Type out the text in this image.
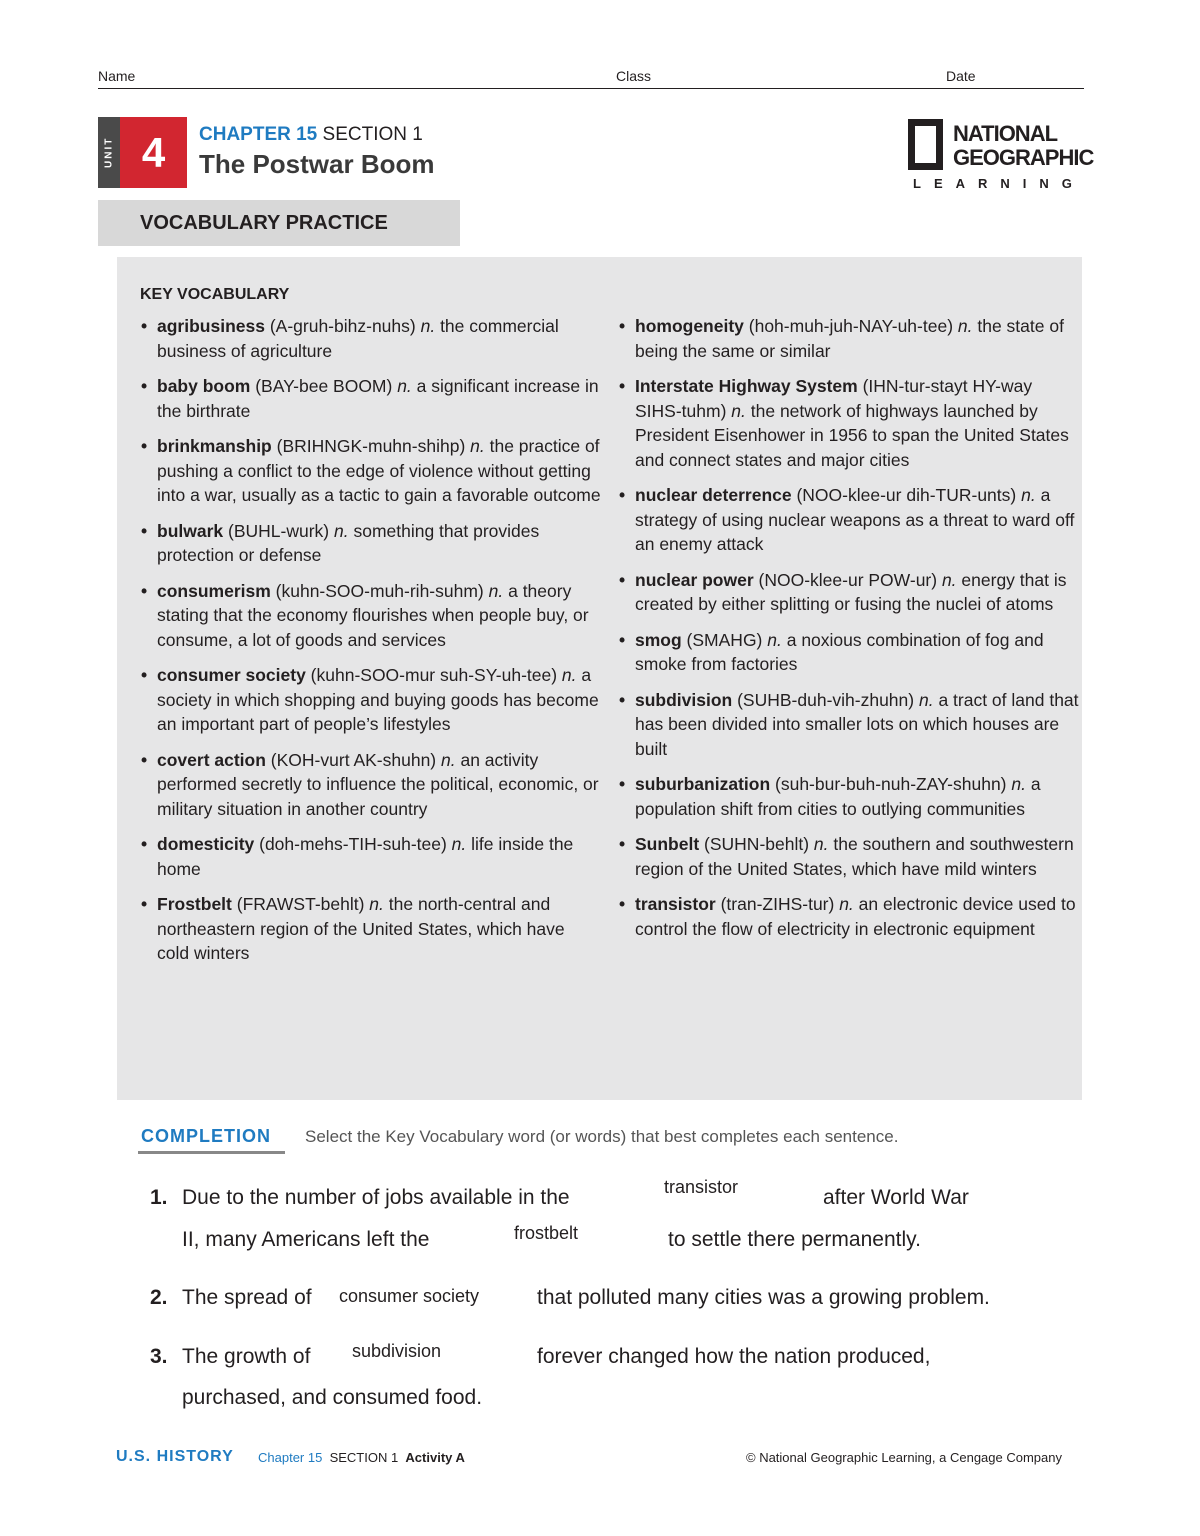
Name	Class	Date
UNIT 4	CHAPTER 15 SECTION 1
The Postwar Boom
NATIONAL
GEOGRAPHIC
LEARNING
VOCABULARY PRACTICE
KEY VOCABULARY
• agribusiness (A-gruh-bihz-nuhs) n. the commercial business of agriculture
• baby boom (BAY-bee BOOM) n. a significant increase in the birthrate
• brinkmanship (BRIHNGK-muhn-shihp) n. the practice of pushing a conflict to the edge of violence without getting into a war, usually as a tactic to gain a favorable outcome
• bulwark (BUHL-wurk) n. something that provides protection or defense
• consumerism (kuhn-SOO-muh-rih-suhm) n. a theory stating that the economy flourishes when people buy, or consume, a lot of goods and services
• consumer society (kuhn-SOO-mur suh-SY-uh-tee) n. a society in which shopping and buying goods has become an important part of people’s lifestyles
• covert action (KOH-vurt AK-shuhn) n. an activity performed secretly to influence the political, economic, or military situation in another country
• domesticity (doh-mehs-TIH-suh-tee) n. life inside the home
• Frostbelt (FRAWST-behlt) n. the north-central and northeastern region of the United States, which have cold winters
• homogeneity (hoh-muh-juh-NAY-uh-tee) n. the state of being the same or similar
• Interstate Highway System (IHN-tur-stayt HY-way SIHS-tuhm) n. the network of highways launched by President Eisenhower in 1956 to span the United States and connect states and major cities
• nuclear deterrence (NOO-klee-ur dih-TUR-unts) n. a strategy of using nuclear weapons as a threat to ward off an enemy attack
• nuclear power (NOO-klee-ur POW-ur) n. energy that is created by either splitting or fusing the nuclei of atoms
• smog (SMAHG) n. a noxious combination of fog and smoke from factories
• subdivision (SUHB-duh-vih-zhuhn) n. a tract of land that has been divided into smaller lots on which houses are built
• suburbanization (suh-bur-buh-nuh-ZAY-shuhn) n. a population shift from cities to outlying communities
• Sunbelt (SUHN-behlt) n. the southern and southwestern region of the United States, which have mild winters
• transistor (tran-ZIHS-tur) n. an electronic device used to control the flow of electricity in electronic equipment
COMPLETION Select the Key Vocabulary word (or words) that best completes each sentence.
1. Due to the number of jobs available in the	transistor	after World War
II, many Americans left the	frostbelt	to settle there permanently.
2. The spread of consumer society	that polluted many cities was a growing problem.
3. The growth of subdivision	forever changed how the nation produced,
purchased, and consumed food.
U.S. HISTORY Chapter 15 SECTION 1 Activity A	© National Geographic Learning, a Cengage Company
